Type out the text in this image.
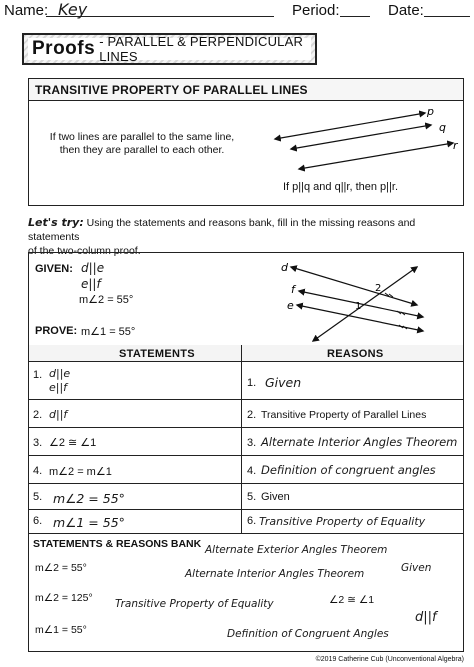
Name: Key	Period:	Date:
Proofs - PARALLEL & PERPENDICULAR LINES
TRANSITIVE PROPERTY OF PARALLEL LINES
If two lines are parallel to the same line,
then they are parallel to each other.
p
q
r
If p||q and q||r, then p||r.
Let's try: Using the statements and reasons bank, fill in the missing reasons and statements
of the two-column proof.
GIVEN: d||e
e||f
m∠2 = 55°
PROVE: m∠1 = 55°
d
e
f
1
2
STATEMENTS	REASONS
1. d||e
e||f	1. Given
2. d||f	2. Transitive Property of Parallel Lines
3. ∠2 ≅ ∠1	3. Alternate Interior Angles Theorem
4. m∠2 = m∠1	4. Definition of congruent angles
5. m∠2 = 55°	5. Given
6. m∠1 = 55°	6. Transitive Property of Equality
STATEMENTS & REASONS BANK Alternate Exterior Angles Theorem
m∠2 = 55°	Alternate Interior Angles Theorem	Given
m∠2 = 125° Transitive Property of Equality	∠2 ≅ ∠1
m∠1 = 55°	Definition of Congruent Angles
d||f
©2019 Catherine Cub (Unconventional Algebra)
